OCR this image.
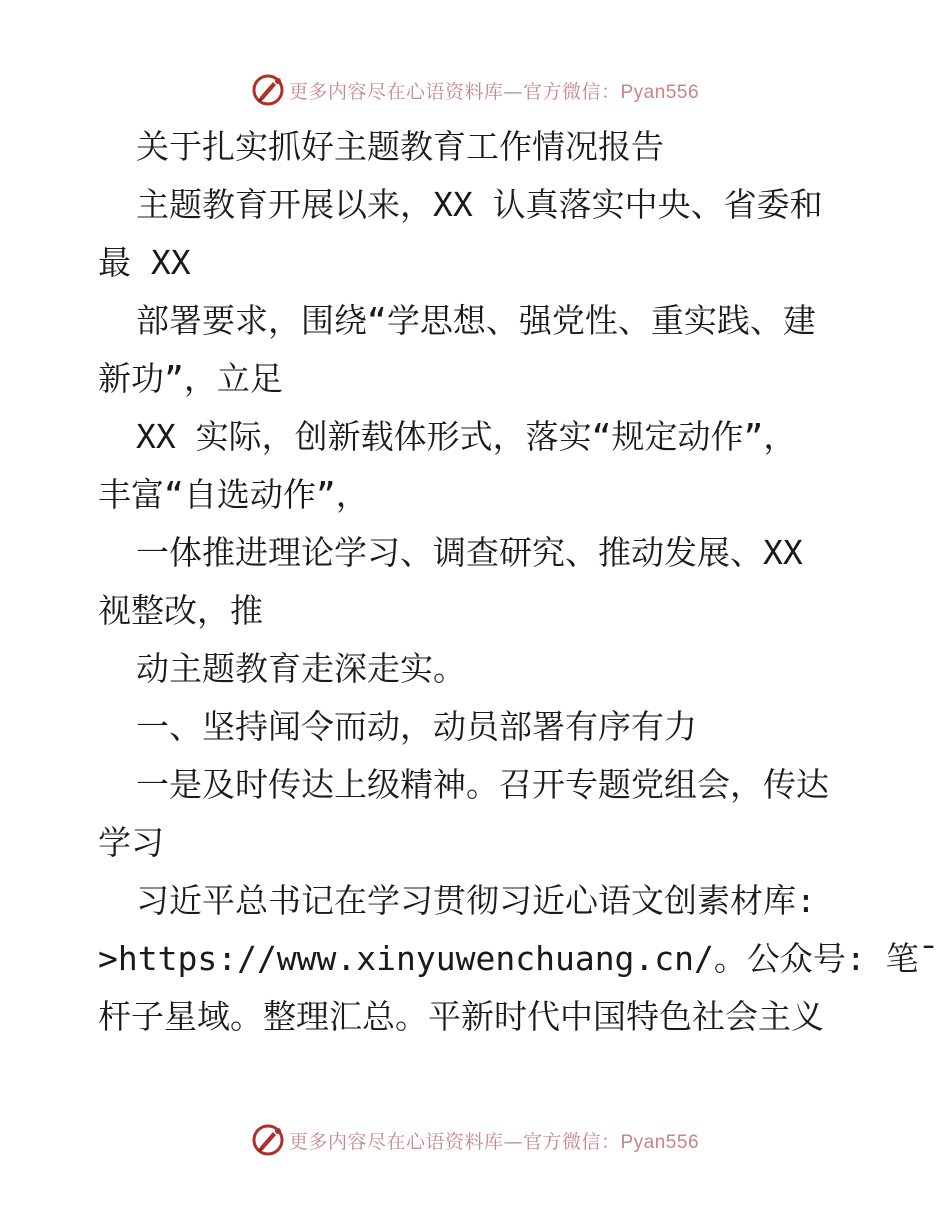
更多内容尽在心语资料库—官方微信：Pyan556
关于扎实抓好主题教育工作情况报告
主题教育开展以来，XX 认真落实中央、省委和
最 XX
部署要求，围绕“学思想、强党性、重实践、建
新功”，立足
XX 实际，创新载体形式，落实“规定动作”，
丰富“自选动作”，
一体推进理论学习、调查研究、推动发展、XX
视整改，推
动主题教育走深走实。
一、坚持闻令而动，动员部署有序有力
一是及时传达上级精神。召开专题党组会，传达
学习
习近平总书记在学习贯彻习近心语文创素材库:
>https://www.xinyuwenchuang.cn/。公众号: 笔¯
杆子星域。整理汇总。平新时代中国特色社会主义
更多内容尽在心语资料库—官方微信：Pyan556
